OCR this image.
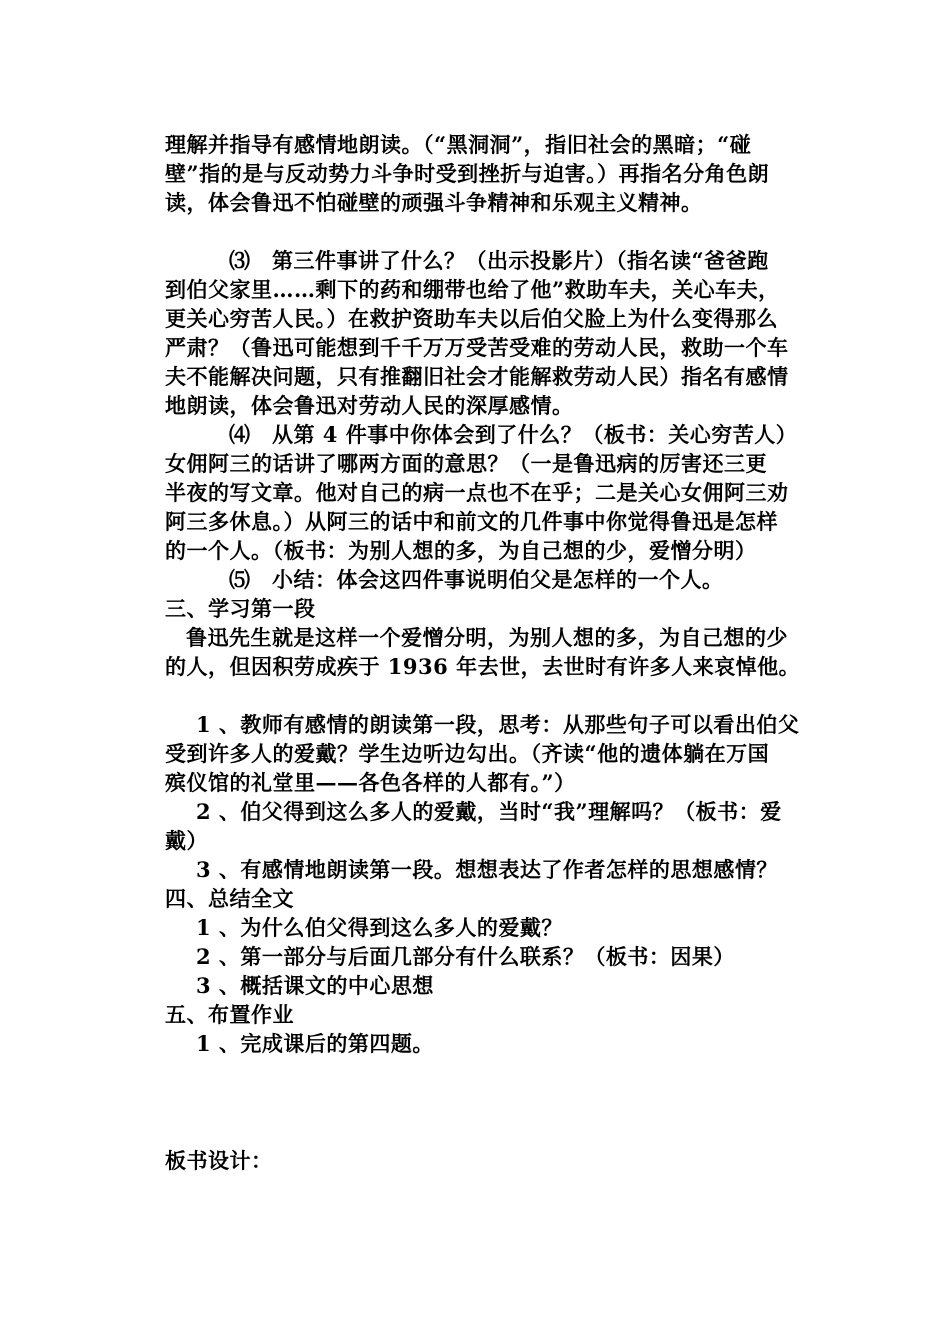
理解并指导有感情地朗读。（“黑洞洞”，指旧社会的黑暗；“碰
壁”指的是与反动势力斗争时受到挫折与迫害。）再指名分角色朗
读，体会鲁迅不怕碰壁的顽强斗争精神和乐观主义精神。
⑶　第三件事讲了什么？（出示投影片）（指名读“爸爸跑
到伯父家里……剩下的药和绷带也给了他”救助车夫，关心车夫，
更关心穷苦人民。）在救护资助车夫以后伯父脸上为什么变得那么
严肃？（鲁迅可能想到千千万万受苦受难的劳动人民，救助一个车
夫不能解决问题，只有推翻旧社会才能解救劳动人民）指名有感情
地朗读，体会鲁迅对劳动人民的深厚感情。
⑷　从第 4 件事中你体会到了什么？（板书：关心穷苦人）
女佣阿三的话讲了哪两方面的意思？（一是鲁迅病的厉害还三更
半夜的写文章。他对自己的病一点也不在乎；二是关心女佣阿三劝
阿三多休息。）从阿三的话中和前文的几件事中你觉得鲁迅是怎样
的一个人。（板书：为别人想的多，为自己想的少，爱憎分明）
⑸　小结：体会这四件事说明伯父是怎样的一个人。
三、学习第一段
鲁迅先生就是这样一个爱憎分明，为别人想的多，为自己想的少
的人，但因积劳成疾于 1936 年去世，去世时有许多人来哀悼他。
1 、教师有感情的朗读第一段，思考：从那些句子可以看出伯父
受到许多人的爱戴？学生边听边勾出。（齐读“他的遗体躺在万国
殡仪馆的礼堂里——各色各样的人都有。”）
2 、伯父得到这么多人的爱戴，当时“我”理解吗？（板书：爱
戴）
3 、有感情地朗读第一段。想想表达了作者怎样的思想感情？
四、总结全文
1 、为什么伯父得到这么多人的爱戴？
2 、第一部分与后面几部分有什么联系？（板书：因果）
3 、概括课文的中心思想
五、布置作业
1 、完成课后的第四题。
板书设计：
